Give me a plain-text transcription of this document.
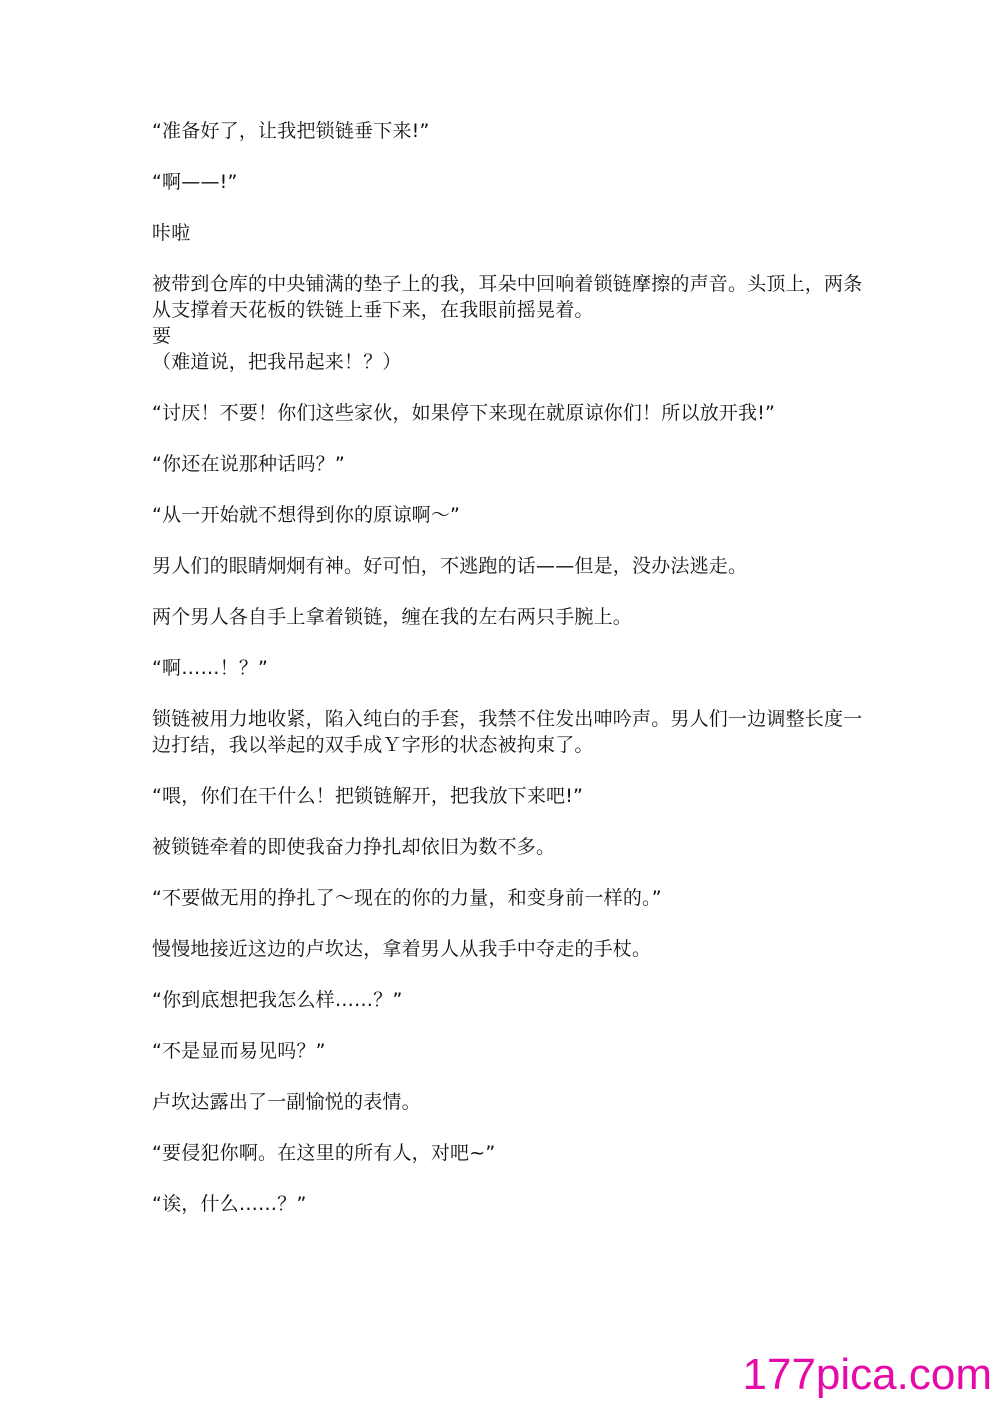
“准备好了，让我把锁链垂下来!”

“啊——!”

咔啦

被带到仓库的中央铺满的垫子上的我，耳朵中回响着锁链摩擦的声音。头顶上，两条从支撑着天花板的铁链上垂下来，在我眼前摇晃着。

要

（难道说，把我吊起来！？）

“讨厌！不要！你们这些家伙，如果停下来现在就原谅你们！所以放开我!”

“你还在说那种话吗？”

“从一开始就不想得到你的原谅啊～”

男人们的眼睛炯炯有神。好可怕，不逃跑的话——但是，没办法逃走。

两个男人各自手上拿着锁链，缠在我的左右两只手腕上。

“啊……！？”

锁链被用力地收紧，陷入纯白的手套，我禁不住发出呻吟声。男人们一边调整长度一边打结，我以举起的双手成Ｙ字形的状态被拘束了。

“喂，你们在干什么！把锁链解开，把我放下来吧!”

被锁链牵着的即使我奋力挣扎却依旧为数不多。

“不要做无用的挣扎了～现在的你的力量，和变身前一样的。”

慢慢地接近这边的卢坎达，拿着男人从我手中夺走的手杖。

“你到底想把我怎么样……？”

“不是显而易见吗？”

卢坎达露出了一副愉悦的表情。

“要侵犯你啊。在这里的所有人，对吧~”

“诶，什么……？”

177pica.com
